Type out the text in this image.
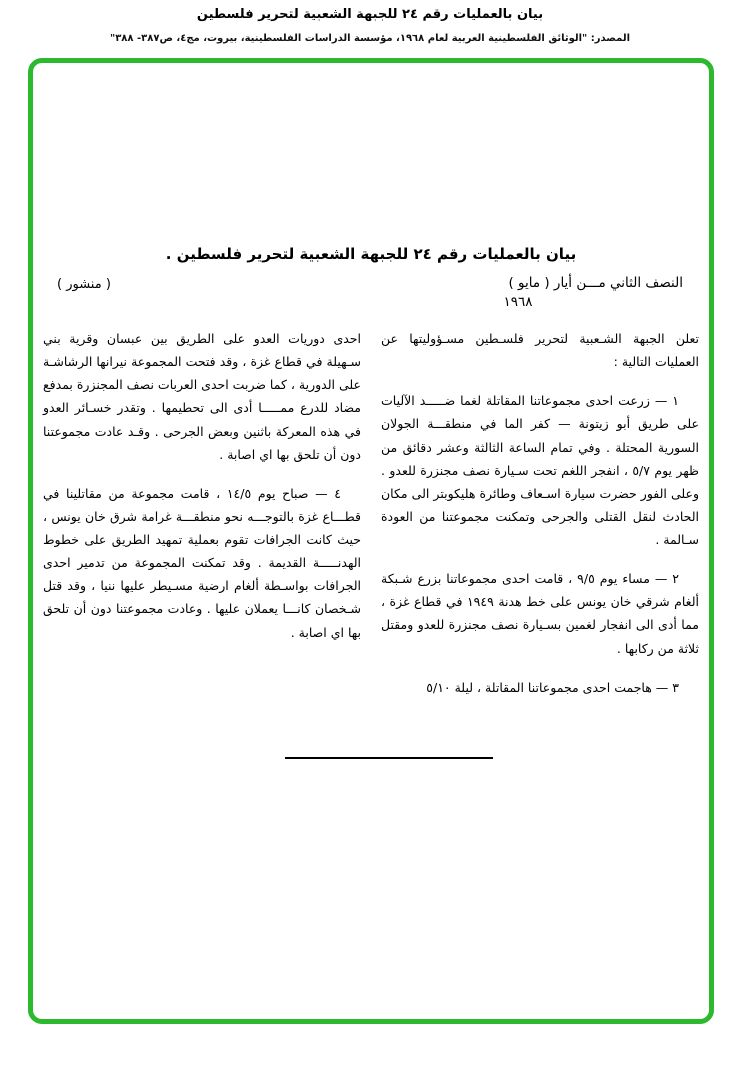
بيان بالعمليات رقم ٢٤ للجبهة الشعبية لتحرير فلسطين
المصدر: "الوثائق الفلسطينية العربية لعام ١٩٦٨، مؤسسة الدراسات الفلسطينية، بيروت، مج٤، ص٣٨٧- ٣٨٨"
بيان بالعمليات رقم ٢٤ للجبهة الشعبية لتحرير فلسطين .
النصف الثاني مـــن أيار ( مايو )
١٩٦٨
( منشور )

تعلن الجبهة الشـعبية لتحرير فلسـطين مسـؤوليتها عن العمليات التالية :

١ — زرعت احدى مجموعاتنا المقاتلة لغما ضـــــد الآليات على طريق أبو زيتونة — كفر الما في منطقـــة الجولان السورية المحتلة . وفي تمام الساعة الثالثة وعشر دقائق من ظهر يوم ٥/٧ ، انفجر اللغم تحت سـيارة نصف مجنزرة للعدو . وعلى الفور حضرت سيارة اسـعاف وطائرة هليكوبتر الى مكان الحادث لنقل القتلى والجرحى وتمكنت مجموعتنا من العودة سـالمة .

٢ — مساء يوم ٩/٥ ، قامت احدى مجموعاتنا بزرع شـبكة ألغام شرقي خان يونس على خط هدنة ١٩٤٩ في قطاع غزة ، مما أدى الى انفجار لغمين بسـيارة نصف مجنزرة للعدو ومقتل ثلاثة من ركابها .

٣ — هاجمت احدى مجموعاتنا المقاتلة ، ليلة ٥/١٠

احدى دوريات العدو على الطريق بين عبسان وقرية بني سـهيلة في قطاع غزة ، وقد فتحت المجموعة نيرانها الرشاشـة على الدورية ، كما ضربت احدى العربات نصف المجنزرة بمدفع مضاد للدرع ممـــــا أدى الى تحطيمها . وتقدر خسـائر العدو في هذه المعركة باثنين وبعض الجرحى . وقـد عادت مجموعتنا دون أن تلحق بها اي اصابة .

٤ — صباح يوم ١٤/٥ ، قامت مجموعة من مقاتلينا في قطـــاع غزة بالتوجـــه نحو منطقـــة غرامة شرق خان يونس ، حيث كانت الجرافات تقوم بعملية تمهيد الطريق على خطوط الهدنـــــة القديمة . وقد تمكنت المجموعة من تدمير احدى الجرافات بواسـطة ألغام ارضية مسـيطر عليها ننيا ، وقد قتل شـخصان كانـــا يعملان عليها . وعادت مجموعتنا دون أن تلحق بها اي اصابة .
